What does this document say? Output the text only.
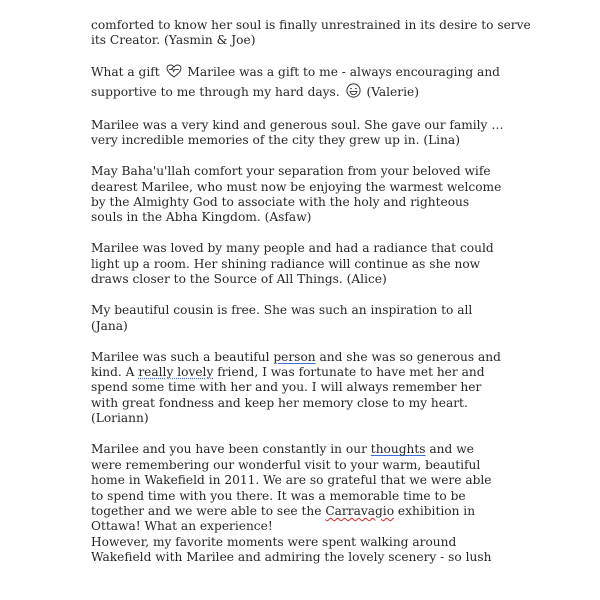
comforted to know her soul is finally unrestrained in its desire to serve
its Creator. (Yasmin & Joe)

What a gift  Marilee was a gift to me - always encouraging and
supportive to me through my hard days.  (Valerie)

Marilee was a very kind and generous soul. She gave our family …
very incredible memories of the city they grew up in. (Lina)

May Baha'u'llah comfort your separation from your beloved wife
dearest Marilee, who must now be enjoying the warmest welcome
by the Almighty God to associate with the holy and righteous
souls in the Abha Kingdom. (Asfaw)

Marilee was loved by many people and had a radiance that could
light up a room. Her shining radiance will continue as she now
draws closer to the Source of All Things. (Alice)

My beautiful cousin is free. She was such an inspiration to all
(Jana)

Marilee was such a beautiful person and she was so generous and
kind. A really lovely friend, I was fortunate to have met her and
spend some time with her and you. I will always remember her
with great fondness and keep her memory close to my heart.
(Loriann)

Marilee and you have been constantly in our thoughts and we
were remembering our wonderful visit to your warm, beautiful
home in Wakefield in 2011. We are so grateful that we were able
to spend time with you there. It was a memorable time to be
together and we were able to see the Carravagio exhibition in
Ottawa! What an experience!
However, my favorite moments were spent walking around
Wakefield with Marilee and admiring the lovely scenery - so lush
